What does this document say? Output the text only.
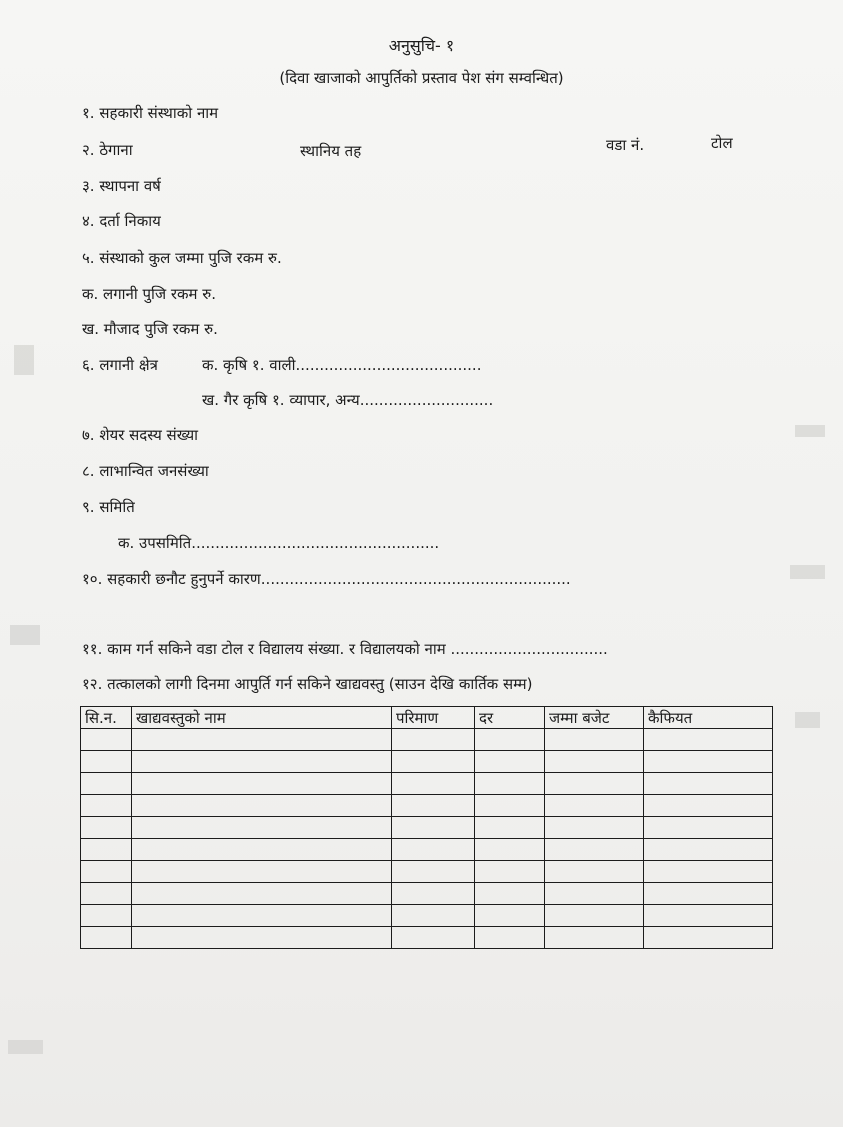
अनुसुचि- १
(दिवा खाजाको आपुर्तिको प्रस्ताव पेश संग सम्वन्धित)
१. सहकारी संस्थाको नाम
२. ठेगाना	स्थानिय तह	वडा नं.	टोल
३. स्थापना वर्ष
४. दर्ता निकाय
५. संस्थाको कुल जम्मा पुजि रकम रु.
क. लगानी पुजि रकम रु.
ख. मौजाद पुजि रकम रु.
६. लगानी क्षेत्र	क. कृषि १. वाली.......................................
ख. गैर कृषि १. व्यापार, अन्य............................
७. शेयर सदस्य संख्या
८. लाभान्वित जनसंख्या
९. समिति
क. उपसमिति....................................................
१०. सहकारी छनौट हुनुपर्ने कारण.................................................................
११. काम गर्न सकिने वडा टोल र विद्यालय संख्या. र विद्यालयको नाम .................................
१२. तत्कालको लागी दिनमा आपुर्ति गर्न सकिने खाद्यवस्तु (साउन देखि कार्तिक सम्म)
सि.न.	खाद्यवस्तुको नाम	परिमाण	दर	जम्मा बजेट	कैफियत
